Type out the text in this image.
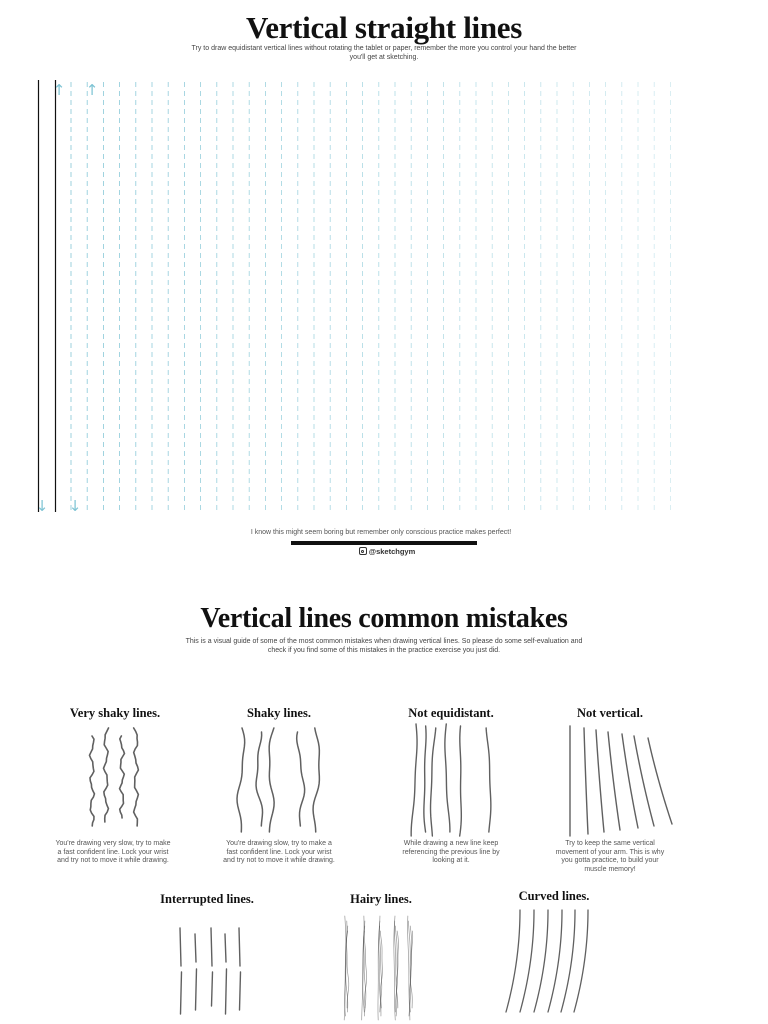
Vertical straight lines
Try to draw equidistant vertical lines without rotating the tablet or paper, remember the more you control your hand the better you'll get at sketching.
↑ ↑
↓ ↓
I know this might seem boring but remember only conscious practice makes perfect!
@sketchgym
Vertical lines common mistakes
This is a visual guide of some of the most common mistakes when drawing vertical lines. So please do some self-evaluation and check if you find some of this mistakes in the practice exercise you just did.
Very shaky lines.	Shaky lines.	Not equidistant.	Not vertical.
Interrupted lines.	Hairy lines.	Curved lines.
You're drawing very slow, try to make a fast confident line. Lock your wrist and try not to move it while drawing.
You're drawing slow, try to make a fast confident line. Lock your wrist and try not to move it while drawing.
While drawing a new line keep referencing the previous line by looking at it.
Try to keep the same vertical movement of your arm. This is why you gotta practice, to build your muscle memory!
